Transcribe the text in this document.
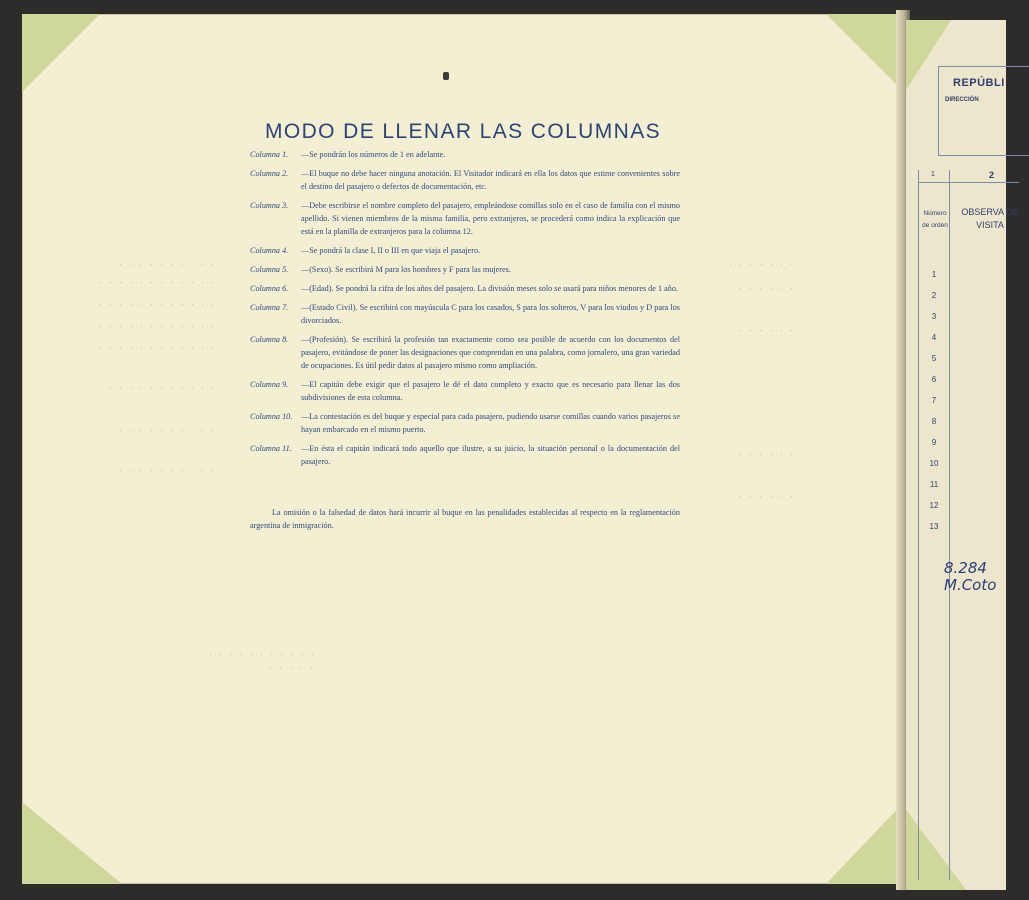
. . . . . . . . . .
. . . . . . . . . . . .
. . . . . . . . . . . .
. . . . . . . . . . . .
. . . . . . . . . . . .
. . . . . . . . . . .
. . . . . . . . . .
. . . . . . . . . .
. . . . . . .
. . . . . .
. . . . . .
. . . . . .
. . . . . .
. . . . . . . . . . .
. . . . .
MODO DE LLENAR LAS COLUMNAS
Columna 1.	—Se pondrán los números de 1 en adelante.
Columna 2.	—El buque no debe hacer ninguna anotación. El Visitador indicará en ella los datos que estime convenientes sobre el destino del pasajero o defectos de documentación, etc.
Columna 3.	—Debe escribirse el nombre completo del pasajero, empleándose comillas solo en el caso de familia con el mismo apellido. Si vienen miembros de la misma familia, pero extranjeros, se procederá como indica la explicación que está en la planilla de extranjeros para la columna 12.
Columna 4.	—Se pondrá la clase I, II o III en que viaja el pasajero.
Columna 5.	—(Sexo). Se escribirá M para los hombres y F para las mujeres.
Columna 6.	—(Edad). Se pondrá la cifra de los años del pasajero. La división meses solo se usará para niños menores de 1 año.
Columna 7.	—(Estado Civil). Se escribirá con mayúscula C para los casados, S para los solteros, V para los viudos y D para los divorciados.
Columna 8.	—(Profesión). Se escribirá la profesión tan exactamente como sea posible de acuerdo con los documentos del pasajero, evitándose de poner las designaciones que comprendan en una palabra, como jornalero, una gran variedad de ocupaciones. Es útil pedir datos al pasajero mismo como ampliación.
Columna 9.	—El capitán debe exigir que el pasajero le dé el dato completo y exacto que es necesario para llenar las dos subdivisiones de esta columna.
Columna 10.	—La contestación es del buque y especial para cada pasajero, pudiendo usarse comillas cuando varios pasajeros se hayan embarcado en el mismo puerto.
Columna 11.	—En ésta el capitán indicará todo aquello que ilustre, a su juicio, la situación personal o la documentación del pasajero.

La omisión o la falsedad de datos hará incurrir al buque en las penalidades establecidas al respecto en la reglamentación argentina de inmigración.

REPÚBLI
DIRECCIÓN
1	2
Número de orden
OBSERVA DE VISITA
1
2
3
4
5
6
7
8
9
10
11
12
13
8.284
M.Coto
